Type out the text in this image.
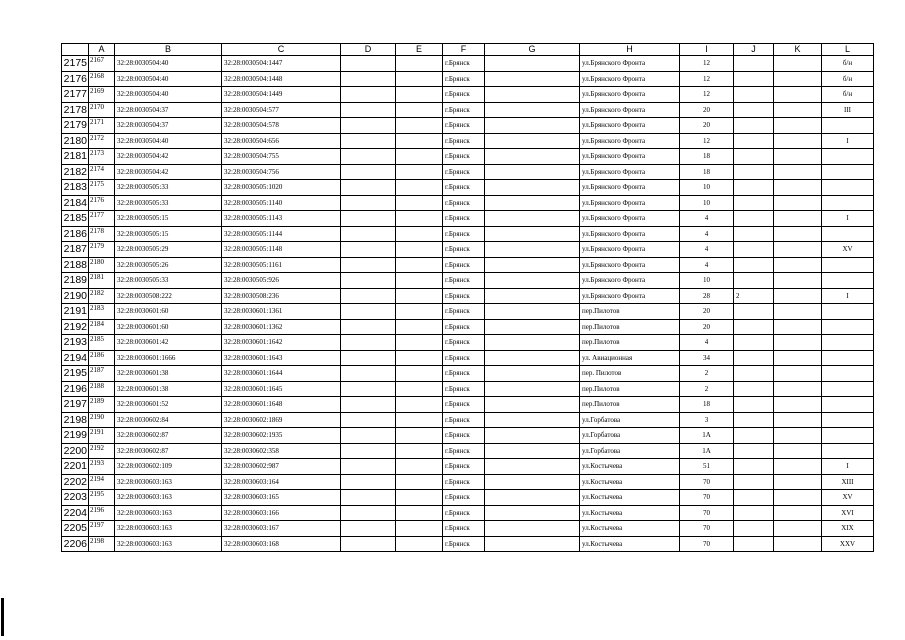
	A	B	C	D	E	F	G	H	I	J	K	L
2175	2167	32:28:0030504:40	32:28:0030504:1447			г.Брянск		ул.Брянского Фронта	12			б/н
2176	2168	32:28:0030504:40	32:28:0030504:1448			г.Брянск		ул.Брянского Фронта	12			б/н
2177	2169	32:28:0030504:40	32:28:0030504:1449			г.Брянск		ул.Брянского Фронта	12			б/н
2178	2170	32:28:0030504:37	32:28:0030504:577			г.Брянск		ул.Брянского Фронта	20			III
2179	2171	32:28:0030504:37	32:28:0030504:578			г.Брянск		ул.Брянского Фронта	20			
2180	2172	32:28:0030504:40	32:28:0030504:656			г.Брянск		ул.Брянского Фронта	12			I
2181	2173	32:28:0030504:42	32:28:0030504:755			г.Брянск		ул.Брянского Фронта	18			
2182	2174	32:28:0030504:42	32:28:0030504:756			г.Брянск		ул.Брянского Фронта	18			
2183	2175	32:28:0030505:33	32:28:0030505:1020			г.Брянск		ул.Брянского Фронта	10			
2184	2176	32:28:0030505:33	32:28:0030505:1140			г.Брянск		ул.Брянского Фронта	10			
2185	2177	32:28:0030505:15	32:28:0030505:1143			г.Брянск		ул.Брянского Фронта	4			I
2186	2178	32:28:0030505:15	32:28:0030505:1144			г.Брянск		ул.Брянского Фронта	4			
2187	2179	32:28:0030505:29	32:28:0030505:1148			г.Брянск		ул.Брянского Фронта	4			XV
2188	2180	32:28:0030505:26	32:28:0030505:1161			г.Брянск		ул.Брянского Фронта	4			
2189	2181	32:28:0030505:33	32:28:0030505:926			г.Брянск		ул.Брянского Фронта	10			
2190	2182	32:28:0030508:222	32:28:0030508:236			г.Брянск		ул.Брянского Фронта	28	2		I
2191	2183	32:28:0030601:60	32:28:0030601:1361			г.Брянск		пер.Пилотов	20			
2192	2184	32:28:0030601:60	32:28:0030601:1362			г.Брянск		пер.Пилотов	20			
2193	2185	32:28:0030601:42	32:28:0030601:1642			г.Брянск		пер.Пилотов	4			
2194	2186	32:28:0030601:1666	32:28:0030601:1643			г.Брянск		ул. Авиационная	34			
2195	2187	32:28:0030601:38	32:28:0030601:1644			г.Брянск		пер. Пилотов	2			
2196	2188	32:28:0030601:38	32:28:0030601:1645			г.Брянск		пер.Пилотов	2			
2197	2189	32:28:0030601:52	32:28:0030601:1648			г.Брянск		пер.Пилотов	18			
2198	2190	32:28:0030602:84	32:28:0030602:1869			г.Брянск		ул.Горбатова	3			
2199	2191	32:28:0030602:87	32:28:0030602:1935			г.Брянск		ул.Горбатова	1А			
2200	2192	32:28:0030602:87	32:28:0030602:358			г.Брянск		ул.Горбатова	1А			
2201	2193	32:28:0030602:109	32:28:0030602:987			г.Брянск		ул.Костычева	51			I
2202	2194	32:28:0030603:163	32:28:0030603:164			г.Брянск		ул.Костычева	70			XIII
2203	2195	32:28:0030603:163	32:28:0030603:165			г.Брянск		ул.Костычева	70			XV
2204	2196	32:28:0030603:163	32:28:0030603:166			г.Брянск		ул.Костычева	70			XVI
2205	2197	32:28:0030603:163	32:28:0030603:167			г.Брянск		ул.Костычева	70			XIX
2206	2198	32:28:0030603:163	32:28:0030603:168			г.Брянск		ул.Костычева	70			XXV
